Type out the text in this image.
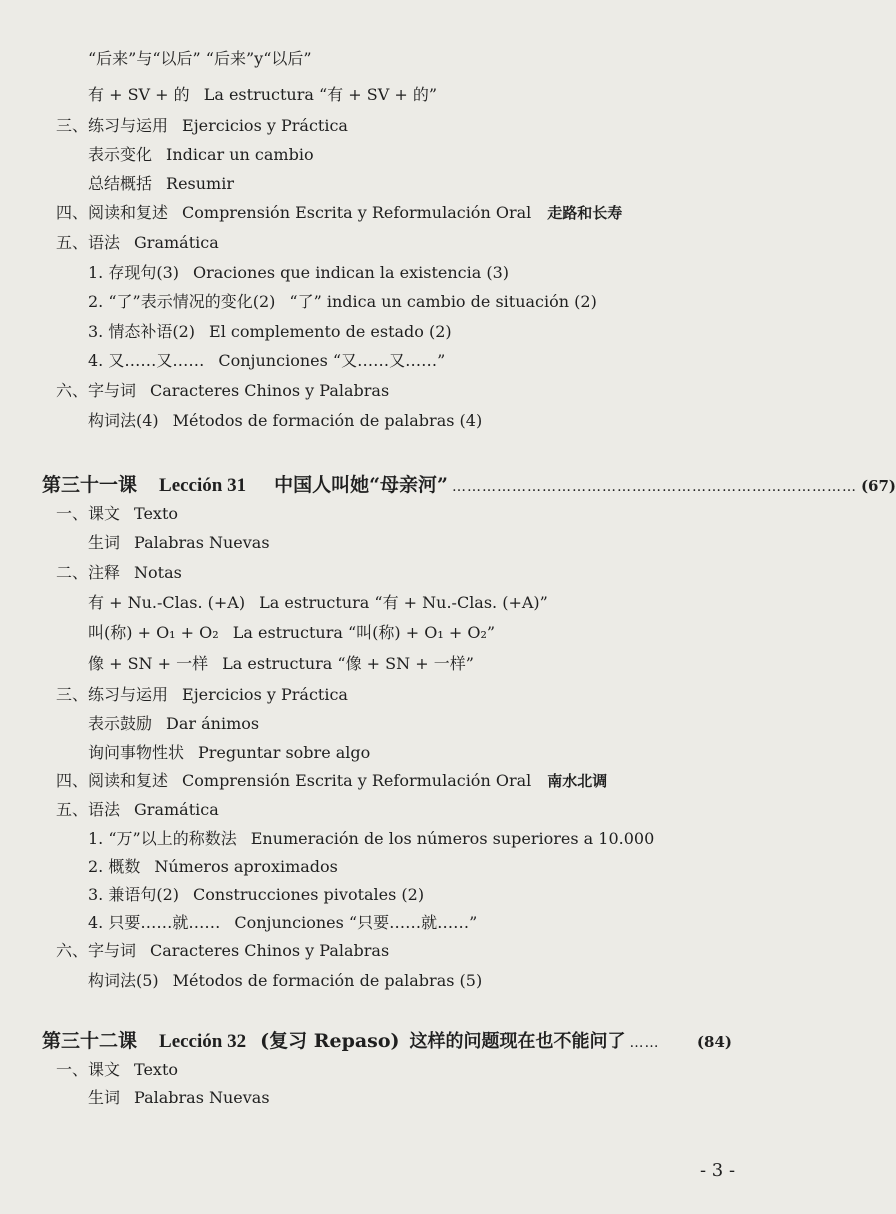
“后来”与“以后” “后来”y“以后”
有 + SV + 的 La estructura “有 + SV + 的”
三、练习与运用 Ejercicios y Práctica
表示变化 Indicar un cambio
总结概括 Resumir
四、阅读和复述 Comprensión Escrita y Reformulación Oral 走路和长寿
五、语法 Gramática
1. 存现句(3) Oraciones que indican la existencia (3)
2. “了”表示情况的变化(2) “了” indica un cambio de situación (2)
3. 情态补语(2) El complemento de estado (2)
4. 又……又…… Conjunciones “又……又……”
六、字与词 Caracteres Chinos y Palabras
构词法(4) Métodos de formación de palabras (4)
第三十一课 Lección 31 中国人叫她“母亲河” ……………………………………………………………………… (67)
一、课文 Texto
生词 Palabras Nuevas
二、注释 Notas
有 + Nu.-Clas. (+A) La estructura “有 + Nu.-Clas. (+A)”
叫(称) + O₁ + O₂ La estructura “叫(称) + O₁ + O₂”
像 + SN + 一样 La estructura “像 + SN + 一样”
三、练习与运用 Ejercicios y Práctica
表示鼓励 Dar ánimos
询问事物性状 Preguntar sobre algo
四、阅读和复述 Comprensión Escrita y Reformulación Oral 南水北调
五、语法 Gramática
1. “万”以上的称数法 Enumeración de los números superiores a 10.000
2. 概数 Números aproximados
3. 兼语句(2) Construcciones pivotales (2)
4. 只要……就…… Conjunciones “只要……就……”
六、字与词 Caracteres Chinos y Palabras
构词法(5) Métodos de formación de palabras (5)
第三十二课 Lección 32 (复习 Repaso) 这样的问题现在也不能问了 ……	(84)
一、课文 Texto
生词 Palabras Nuevas
- 3 -
